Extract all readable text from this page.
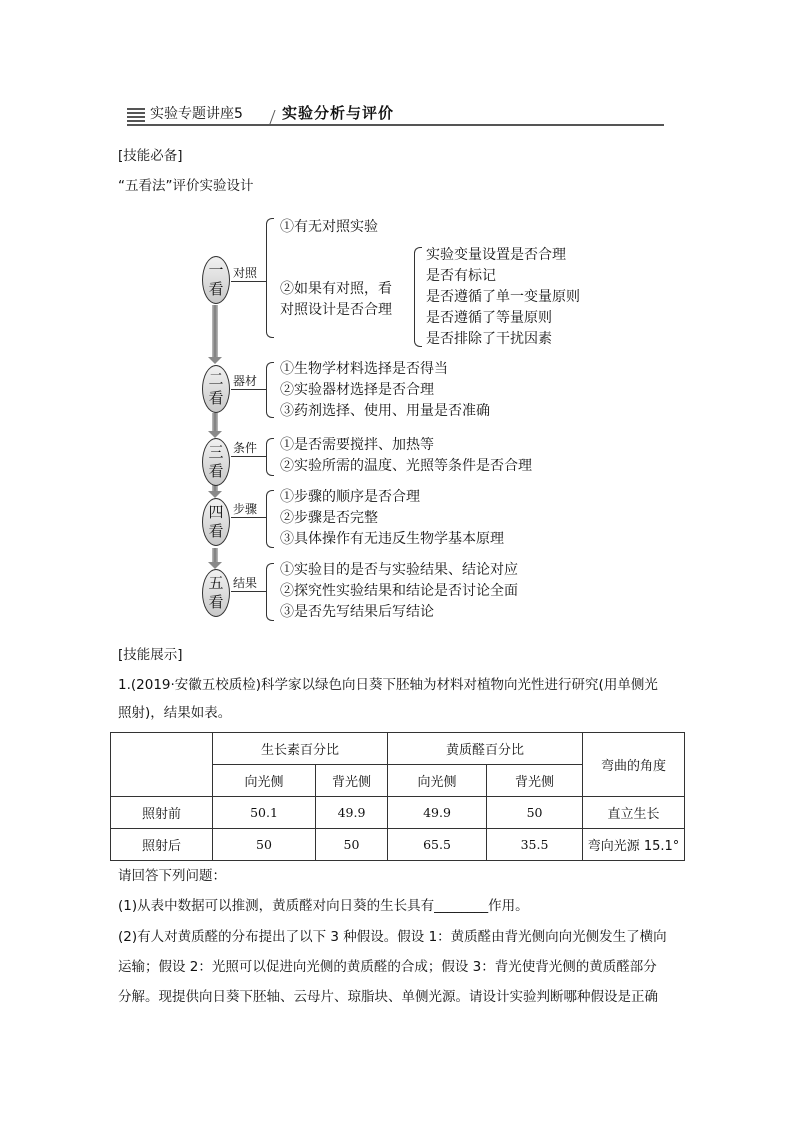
实验专题讲座5	实验分析与评价
[技能必备]
“五看法”评价实验设计
一
看
对照
①有无对照实验
②如果有对照，看
对照设计是否合理
实验变量设置是否合理
是否有标记
是否遵循了单一变量原则
是否遵循了等量原则
是否排除了干扰因素
二
看
器材
①生物学材料选择是否得当
②实验器材选择是否合理
③药剂选择、使用、用量是否准确
三
看
条件 ①是否需要搅拌、加热等
②实验所需的温度、光照等条件是否合理
四
看
步骤
①步骤的顺序是否合理
②步骤是否完整
③具体操作有无违反生物学基本原理
五
看
结果
①实验目的是否与实验结果、结论对应
②探究性实验结果和结论是否讨论全面
③是否先写结果后写结论
[技能展示]
1.(2019·安徽五校质检)科学家以绿色向日葵下胚轴为材料对植物向光性进行研究(用单侧光
照射)，结果如表。
	生长素百分比		黄质醛百分比		弯曲的角度
	向光侧	背光侧	向光侧	背光侧	
照射前	50.1	49.9	49.9	50	直立生长
照射后	50	50	65.5	35.5	弯向光源 15.1°
请回答下列问题：
(1)从表中数据可以推测，黄质醛对向日葵的生长具有________作用。
(2)有人对黄质醛的分布提出了以下 3 种假设。假设 1：黄质醛由背光侧向向光侧发生了横向
运输；假设 2：光照可以促进向光侧的黄质醛的合成；假设 3：背光使背光侧的黄质醛部分
分解。现提供向日葵下胚轴、云母片、琼脂块、单侧光源。请设计实验判断哪种假设是正确
